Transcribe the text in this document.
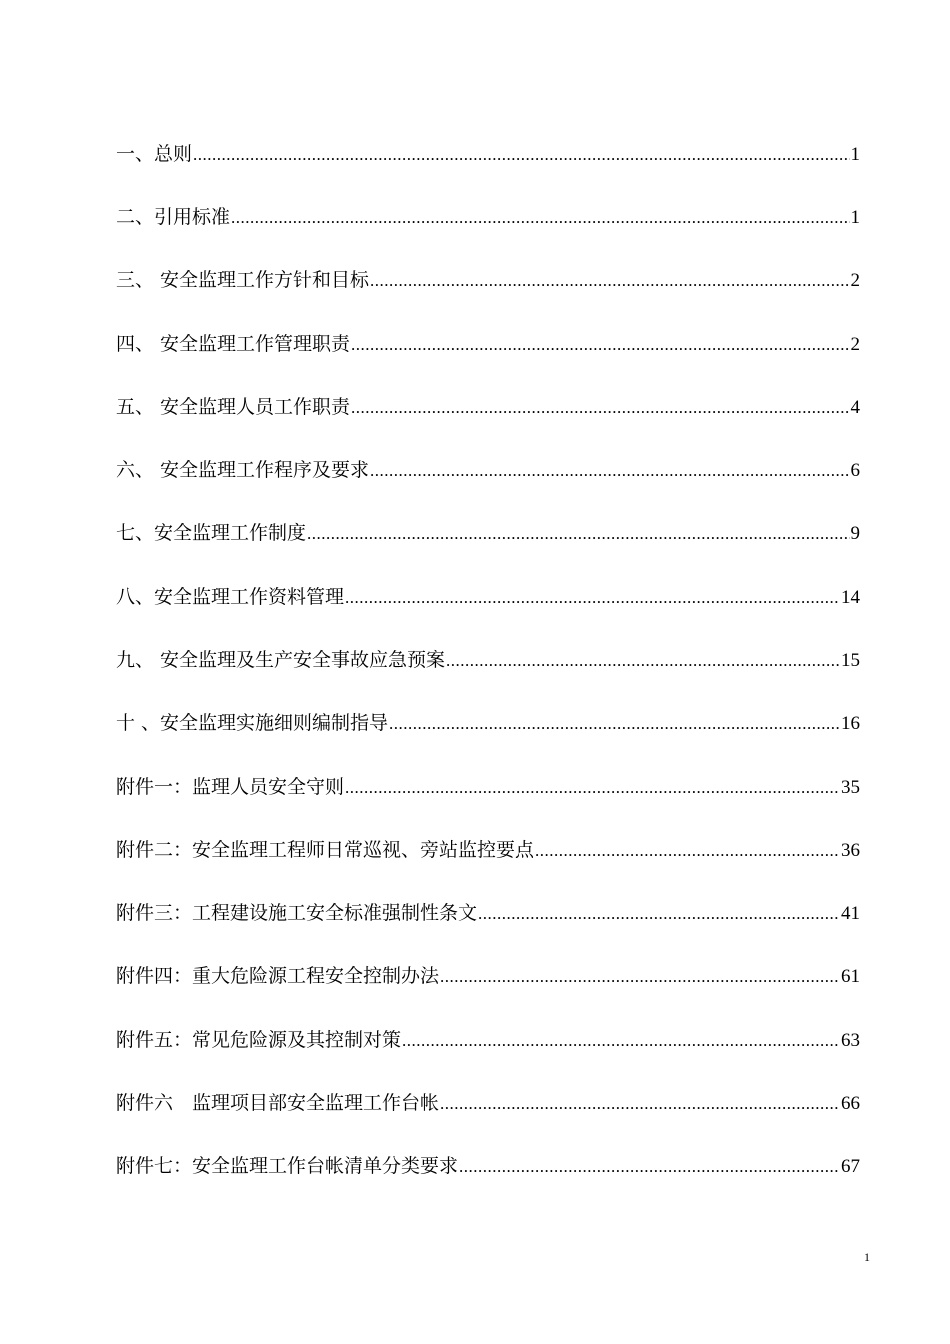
一、总则 .....	1
二、引用标准 .....	1
三、 安全监理工作方针和目标 .....	2
四、 安全监理工作管理职责 .....	2
五、 安全监理人员工作职责 .....	4
六、 安全监理工作程序及要求 .....	6
七、安全监理工作制度 .....	9
八、安全监理工作资料管理 .....	14
九、 安全监理及生产安全事故应急预案 .....	15
十 、安全监理实施细则编制指导 .....	16
附件一：监理人员安全守则 .....	35
附件二：安全监理工程师日常巡视、旁站监控要点 .....	36
附件三：工程建设施工安全标准强制性条文 .....	41
附件四：重大危险源工程安全控制办法 .....	61
附件五：常见危险源及其控制对策 .....	63
附件六　监理项目部安全监理工作台帐 .....	66
附件七：安全监理工作台帐清单分类要求 .....	67
1
